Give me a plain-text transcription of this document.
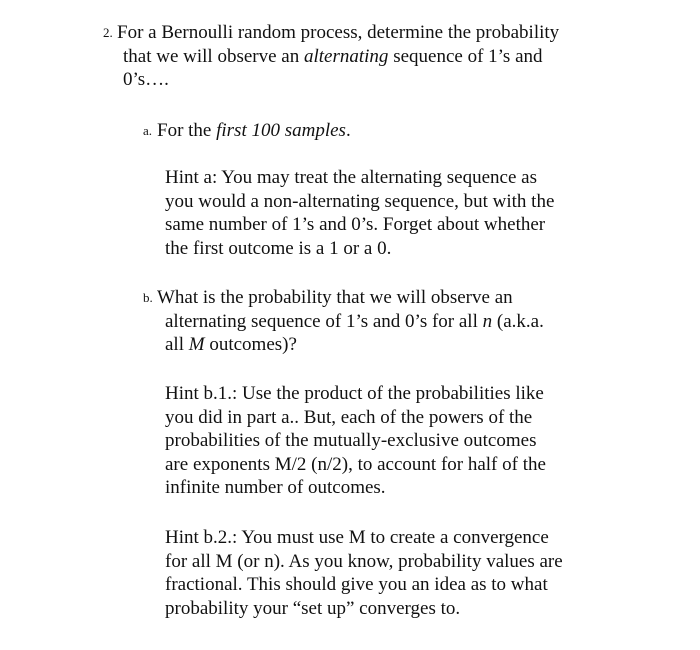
2. For a Bernoulli random process, determine the probability
that we will observe an alternating sequence of 1’s and
0’s….
a. For the first 100 samples.
Hint a: You may treat the alternating sequence as
you would a non-alternating sequence, but with the
same number of 1’s and 0’s. Forget about whether
the first outcome is a 1 or a 0.
b. What is the probability that we will observe an
alternating sequence of 1’s and 0’s for all n (a.k.a.
all M outcomes)?
Hint b.1.: Use the product of the probabilities like
you did in part a.. But, each of the powers of the
probabilities of the mutually-exclusive outcomes
are exponents M/2 (n/2), to account for half of the
infinite number of outcomes.
Hint b.2.: You must use M to create a convergence
for all M (or n). As you know, probability values are
fractional. This should give you an idea as to what
probability your “set up” converges to.
